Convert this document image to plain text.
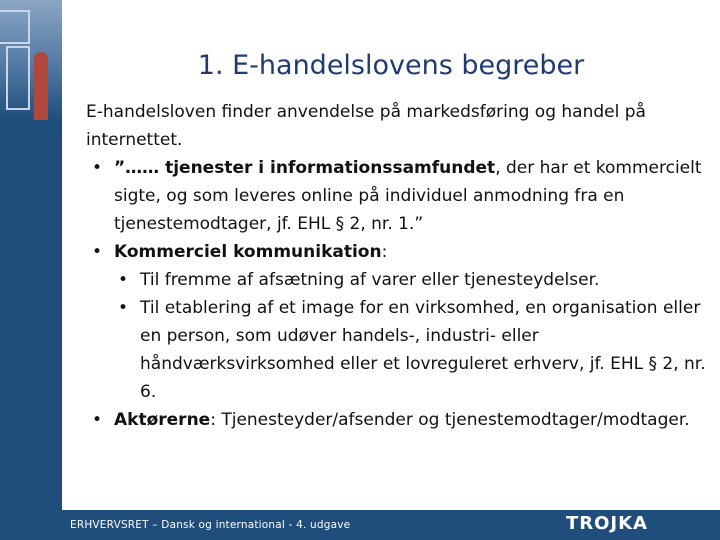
1. E-handelslovens begreber

E-handelsloven finder anvendelse på markedsføring og handel på internettet.

• ”…… tjenester i informationssamfundet, der har et kommercielt sigte, og som leveres online på individuel anmodning fra en tjenestemodtager, jf. EHL § 2, nr. 1.”
• Kommerciel kommunikation:
• Til fremme af afsætning af varer eller tjenesteydelser.
• Til etablering af et image for en virksomhed, en organisation eller en person, som udøver handels-, industri- eller håndværksvirksomhed eller et lovreguleret erhverv, jf. EHL § 2, nr. 6.
• Aktørerne: Tjenesteyder/afsender og tjenestemodtager/modtager.
ERHVERVSRET – Dansk og international - 4. udgave	TROJKA
